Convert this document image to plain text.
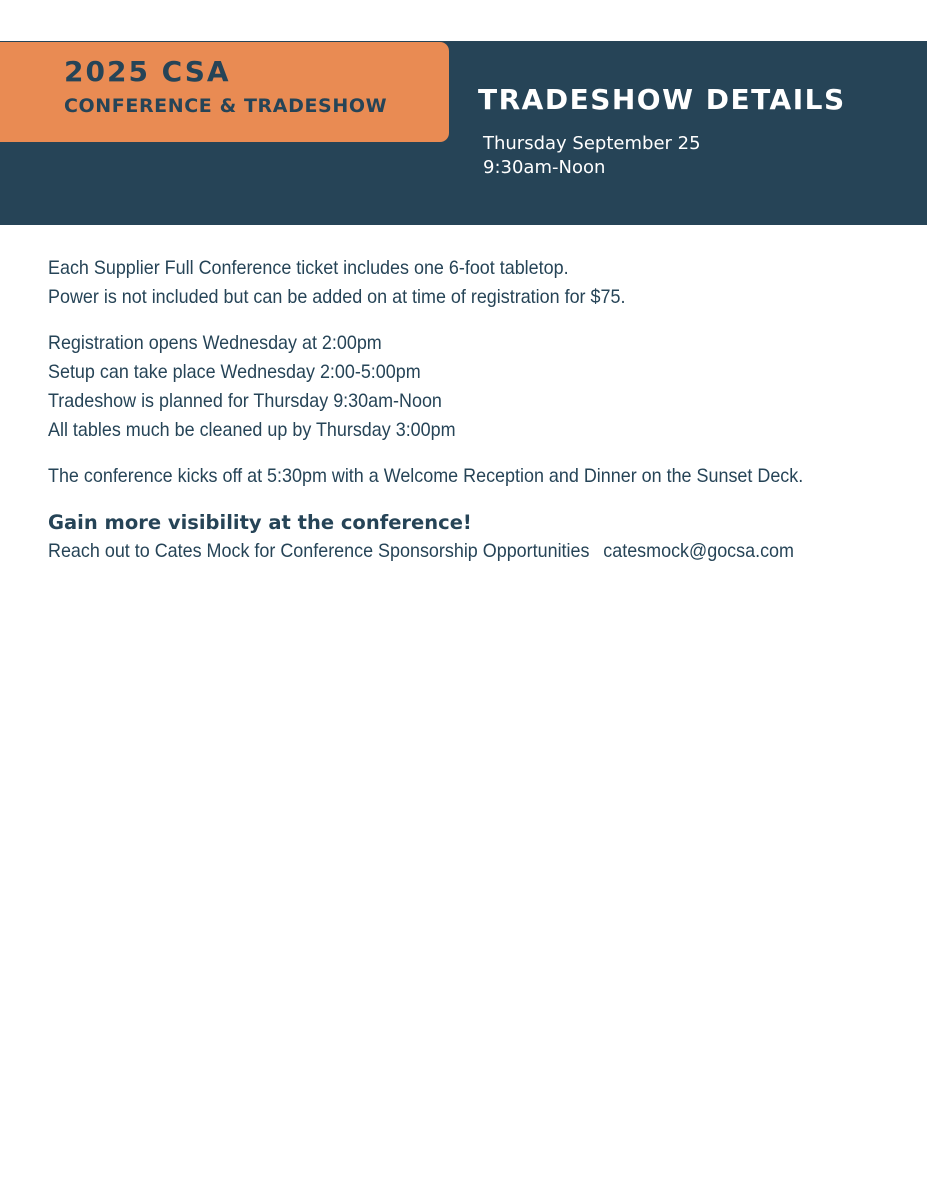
2025 CSA
CONFERENCE & TRADESHOW	TRADESHOW DETAILS
Thursday September 25
9:30am-Noon
Each Supplier Full Conference ticket includes one 6-foot tabletop.
Power is not included but can be added on at time of registration for $75.
Registration opens Wednesday at 2:00pm
Setup can take place Wednesday 2:00-5:00pm
Tradeshow is planned for Thursday 9:30am-Noon
All tables much be cleaned up by Thursday 3:00pm
The conference kicks off at 5:30pm with a Welcome Reception and Dinner on the Sunset Deck.
Gain more visibility at the conference!
Reach out to Cates Mock for Conference Sponsorship Opportunities catesmock@gocsa.com
